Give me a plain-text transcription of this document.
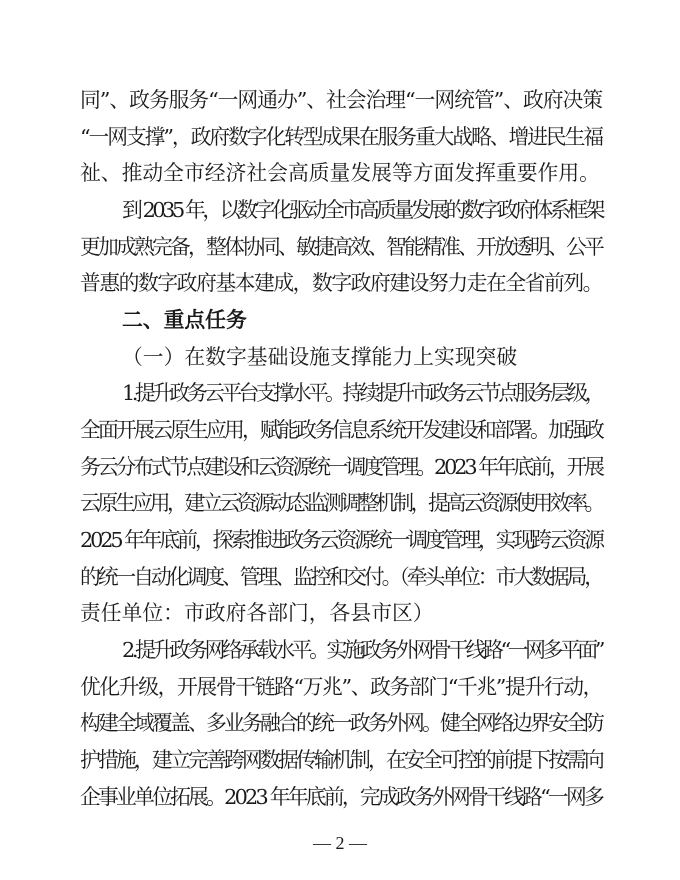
同”、政务服务“一网通办”、社会治理“一网统管”、政府决策
“一网支撑”，政府数字化转型成果在服务重大战略、增进民生福
祉、推动全市经济社会高质量发展等方面发挥重要作用。
到 2035 年，以数字化驱动全市高质量发展的数字政府体系框架
更加成熟完备，整体协同、敏捷高效、智能精准、开放透明、公平
普惠的数字政府基本建成，数字政府建设努力走在全省前列。
二、重点任务
（一）在数字基础设施支撑能力上实现突破
1.提升政务云平台支撑水平。持续提升市政务云节点服务层级，
全面开展云原生应用，赋能政务信息系统开发建设和部署。加强政
务云分布式节点建设和云资源统一调度管理。2023 年年底前，开展
云原生应用，建立云资源动态监测调整机制，提高云资源使用效率。
2025 年年底前，探索推进政务云资源统一调度管理，实现跨云资源
的统一自动化调度、管理、监控和交付。（牵头单位：市大数据局，
责任单位：市政府各部门，各县市区）
2.提升政务网络承载水平。实施政务外网骨干线路“一网多平面”
优化升级，开展骨干链路“万兆”、政务部门“千兆”提升行动，
构建全域覆盖、多业务融合的统一政务外网。健全网络边界安全防
护措施，建立完善跨网数据传输机制，在安全可控的前提下按需向
企事业单位拓展。2023 年年底前，完成政务外网骨干线路“一网多
— 2 —
